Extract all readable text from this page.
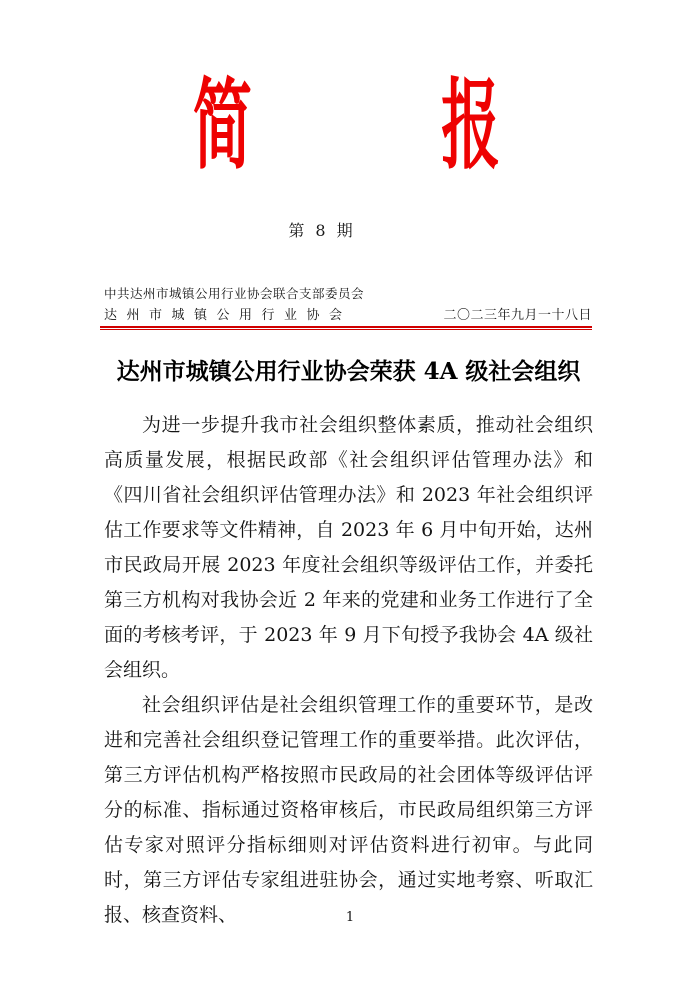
简 报
第 8 期
中共达州市城镇公用行业协会联合支部委员会
达州市城镇公用行业协会	二〇二三年九月一十八日
达州市城镇公用行业协会荣获 4A 级社会组织

为进一步提升我市社会组织整体素质，推动社会组织高质量发展，根据民政部《社会组织评估管理办法》和《四川省社会组织评估管理办法》和 2023 年社会组织评估工作要求等文件精神，自 2023 年 6 月中旬开始，达州市民政局开展 2023 年度社会组织等级评估工作，并委托第三方机构对我协会近 2 年来的党建和业务工作进行了全面的考核考评，于 2023 年 9 月下旬授予我协会 4A 级社会组织。

社会组织评估是社会组织管理工作的重要环节，是改进和完善社会组织登记管理工作的重要举措。此次评估，第三方评估机构严格按照市民政局的社会团体等级评估评分的标准、指标通过资格审核后，市民政局组织第三方评估专家对照评分指标细则对评估资料进行初审。与此同时，第三方评估专家组进驻协会，通过实地考察、听取汇报、核查资料、	1
